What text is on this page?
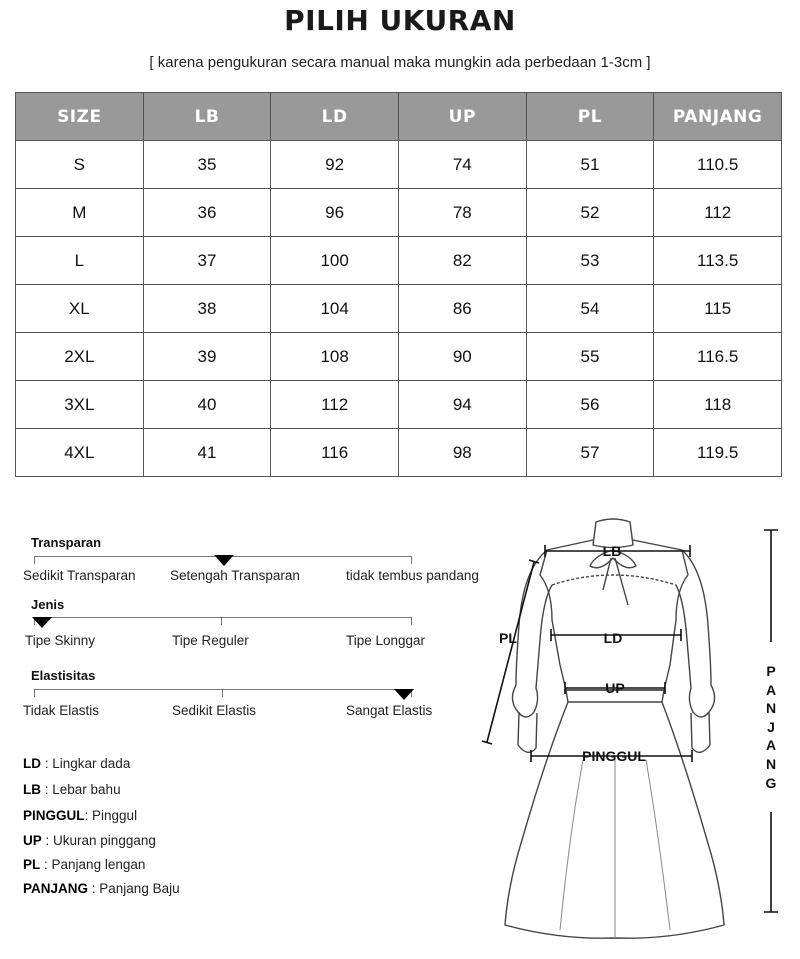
PILIH UKURAN
[ karena pengukuran secara manual maka mungkin ada perbedaan 1-3cm ]
SIZE	LB	LD	UP	PL	PANJANG
S	35	92	74	51	110.5
M	36	96	78	52	112
L	37	100	82	53	113.5
XL	38	104	86	54	115
2XL	39	108	90	55	116.5
3XL	40	112	94	56	118
4XL	41	116	98	57	119.5
Transparan
Sedikit Transparan	Setengah Transparan	tidak tembus pandang
Jenis
Tipe Skinny	Tipe Reguler	Tipe Longgar
Elastisitas
Tidak Elastis	Sedikit Elastis	Sangat Elastis
LD : Lingkar dada
LB : Lebar bahu
PINGGUL: Pinggul
UP : Ukuran pinggang
PL : Panjang lengan
PANJANG : Panjang Baju
LB
LD
UP
PL
PINGGUL
P
A
N
J
A
N
G
